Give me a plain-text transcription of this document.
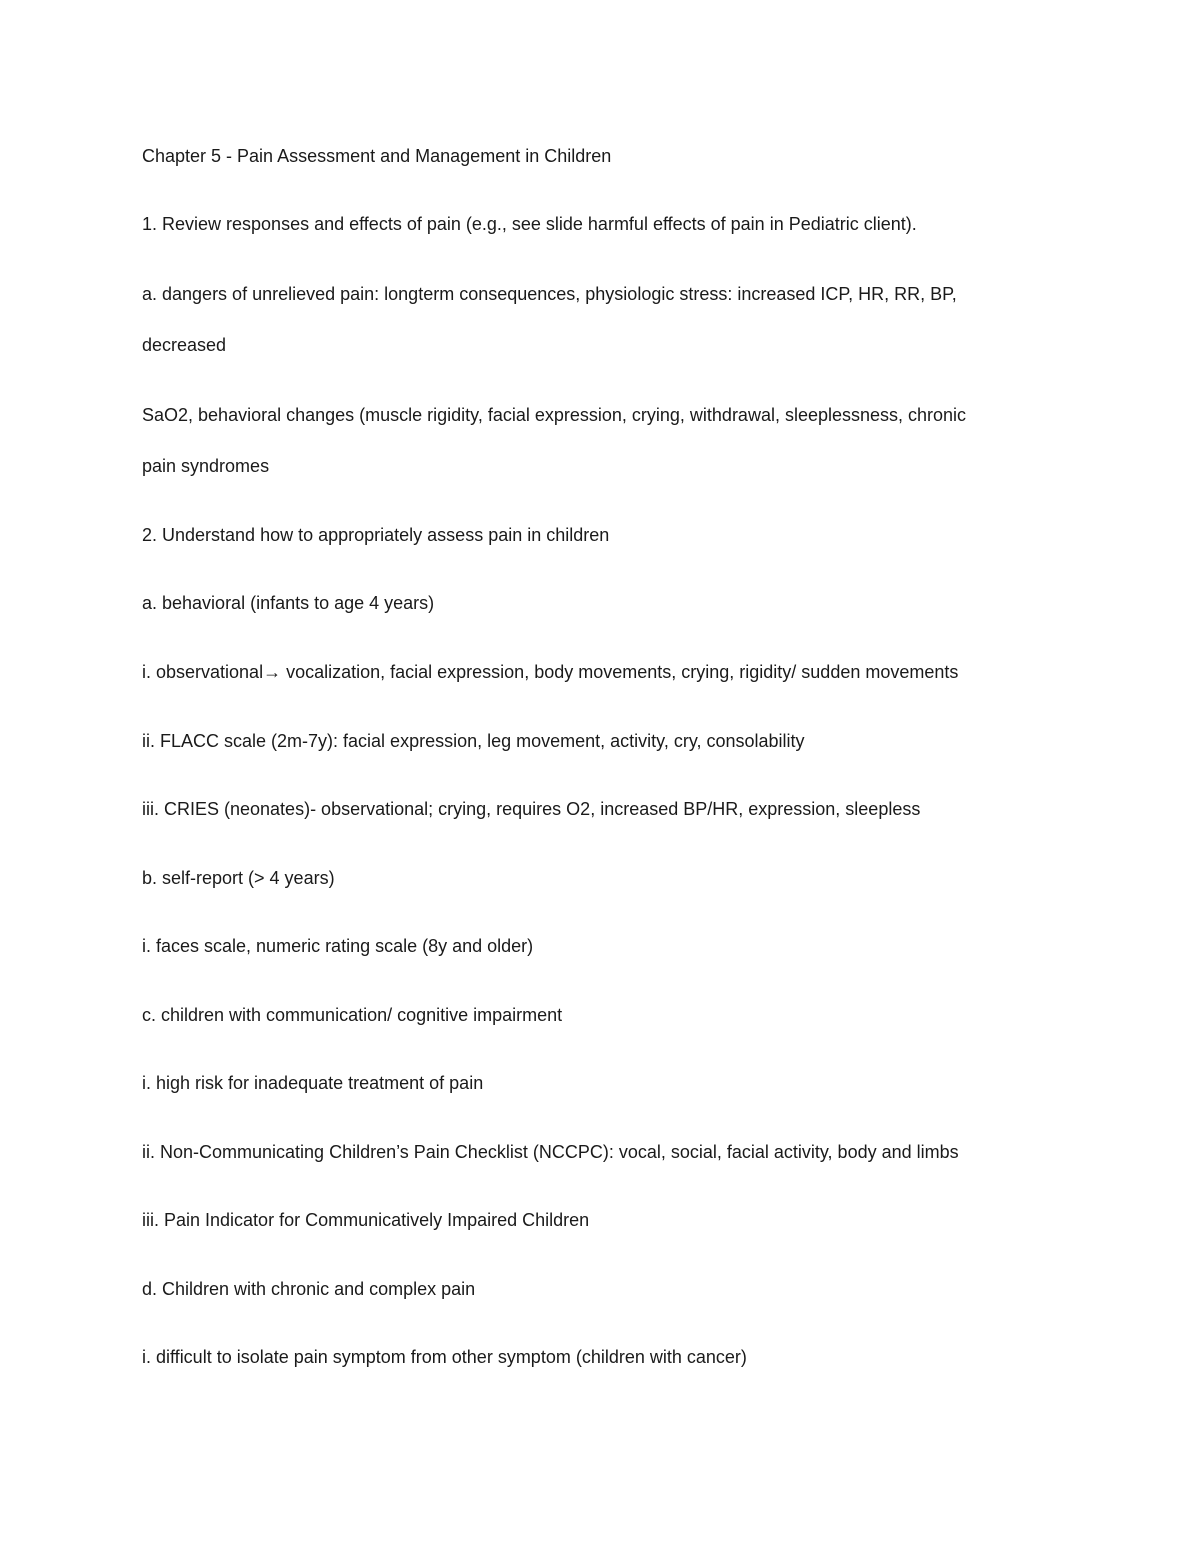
Chapter 5 - Pain Assessment and Management in Children
1. Review responses and effects of pain (e.g., see slide harmful effects of pain in Pediatric client).
a. dangers of unrelieved pain: longterm consequences, physiologic stress: increased ICP, HR, RR, BP,
decreased
SaO2, behavioral changes (muscle rigidity, facial expression, crying, withdrawal, sleeplessness, chronic
pain syndromes
2. Understand how to appropriately assess pain in children
a. behavioral (infants to age 4 years)
i. observational→ vocalization, facial expression, body movements, crying, rigidity/ sudden movements
ii. FLACC scale (2m-7y): facial expression, leg movement, activity, cry, consolability
iii. CRIES (neonates)- observational; crying, requires O2, increased BP/HR, expression, sleepless
b. self-report (> 4 years)
i. faces scale, numeric rating scale (8y and older)
c. children with communication/ cognitive impairment
i. high risk for inadequate treatment of pain
ii. Non-Communicating Children’s Pain Checklist (NCCPC): vocal, social, facial activity, body and limbs
iii. Pain Indicator for Communicatively Impaired Children
d. Children with chronic and complex pain
i. difficult to isolate pain symptom from other symptom (children with cancer)
